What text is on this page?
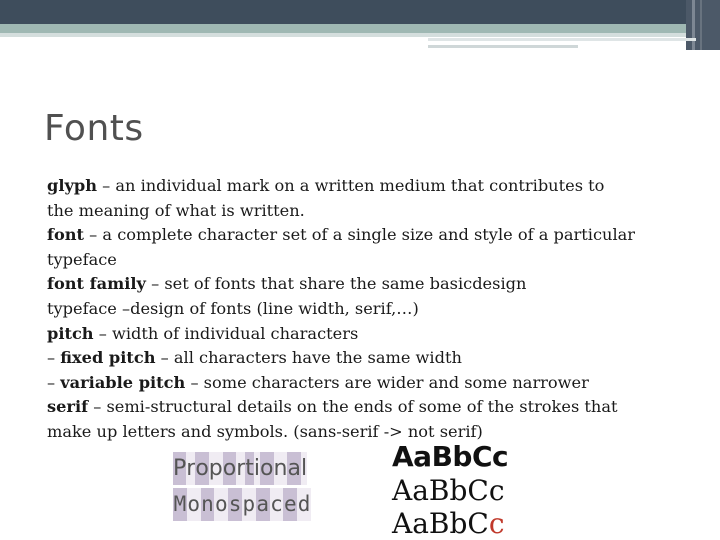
Fonts
glyph – an individual mark on a written medium that contributes to
the meaning of what is written.
font – a complete character set of a single size and style of a particular
typeface
font family – set of fonts that share the same basicdesign
typeface –design of fonts (line width, serif,…)
pitch – width of individual characters
– fixed pitch – all characters have the same width
– variable pitch – some characters are wider and some narrower
serif – semi-structural details on the ends of some of the strokes that
make up letters and symbols. (sans-serif -> not serif)
P r o p o r t i o n a l
M o n o s p a c e d
AaBbCc
AaBbCc
AaBbCc
